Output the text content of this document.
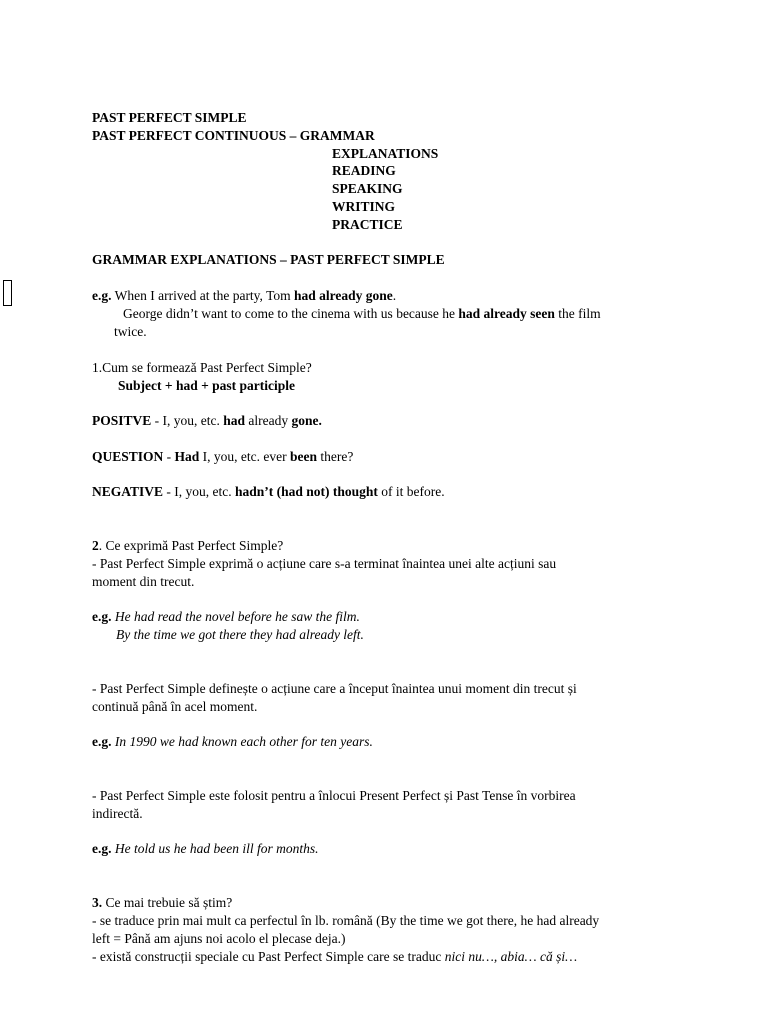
PAST PERFECT SIMPLE
PAST PERFECT CONTINUOUS – GRAMMAR
EXPLANATIONS
READING
SPEAKING
WRITING
PRACTICE
GRAMMAR EXPLANATIONS – PAST PERFECT SIMPLE
e.g. When I arrived at the party, Tom had already gone.
George didn’t want to come to the cinema with us because he had already seen the film
twice.
1.Cum se formează Past Perfect Simple?
Subject + had + past participle
POSITVE - I, you, etc. had already gone.
QUESTION - Had I, you, etc. ever been there?
NEGATIVE - I, you, etc. hadn’t (had not) thought of it before.
2. Ce exprimă Past Perfect Simple?
- Past Perfect Simple exprimă o acțiune care s-a terminat înaintea unei alte acțiuni sau
moment din trecut.
e.g. He had read the novel before he saw the film.
By the time we got there they had already left.
- Past Perfect Simple definește o acțiune care a început înaintea unui moment din trecut și
continuă până în acel moment.
e.g. In 1990 we had known each other for ten years.
- Past Perfect Simple este folosit pentru a înlocui Present Perfect și Past Tense în vorbirea
indirectă.
e.g. He told us he had been ill for months.
3. Ce mai trebuie să știm?
- se traduce prin mai mult ca perfectul în lb. română (By the time we got there, he had already
left = Până am ajuns noi acolo el plecase deja.)
- există construcții speciale cu Past Perfect Simple care se traduc nici nu…, abia… că și…
